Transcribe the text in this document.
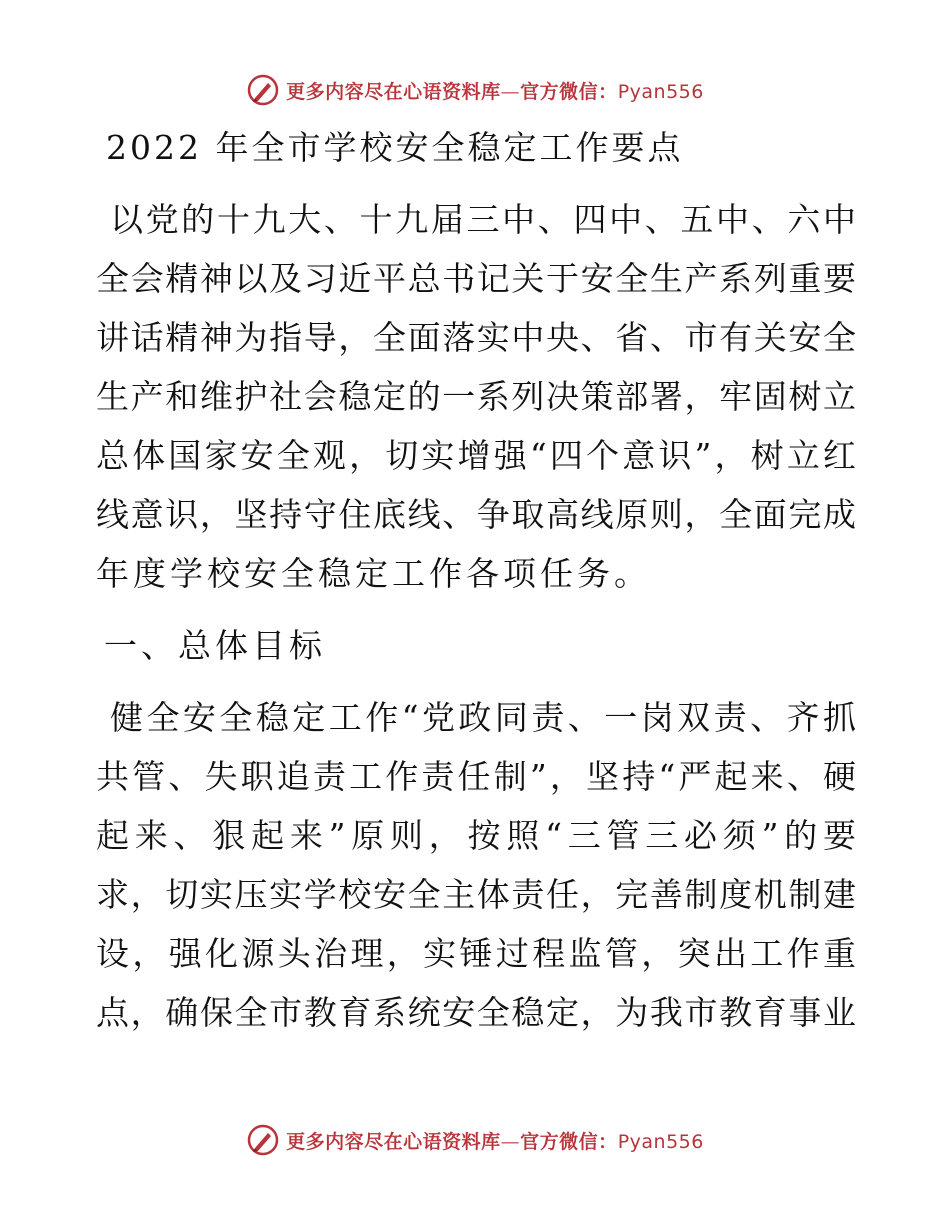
更多内容尽在心语资料库—官方微信：Pyan556
2022 年全市学校安全稳定工作要点
以党的十九大、十九届三中、四中、五中、六中
全会精神以及习近平总书记关于安全生产系列重要
讲话精神为指导，全面落实中央、省、市有关安全
生产和维护社会稳定的一系列决策部署，牢固树立
总体国家安全观，切实增强“四个意识”，树立红
线意识，坚持守住底线、争取高线原则，全面完成
年度学校安全稳定工作各项任务。
一、总体目标
健全安全稳定工作“党政同责、一岗双责、齐抓
共管、失职追责工作责任制”，坚持“严起来、硬
起来、狠起来”原则，按照“三管三必须”的要
求，切实压实学校安全主体责任，完善制度机制建
设，强化源头治理，实锤过程监管，突出工作重
点，确保全市教育系统安全稳定，为我市教育事业
更多内容尽在心语资料库—官方微信：Pyan556
